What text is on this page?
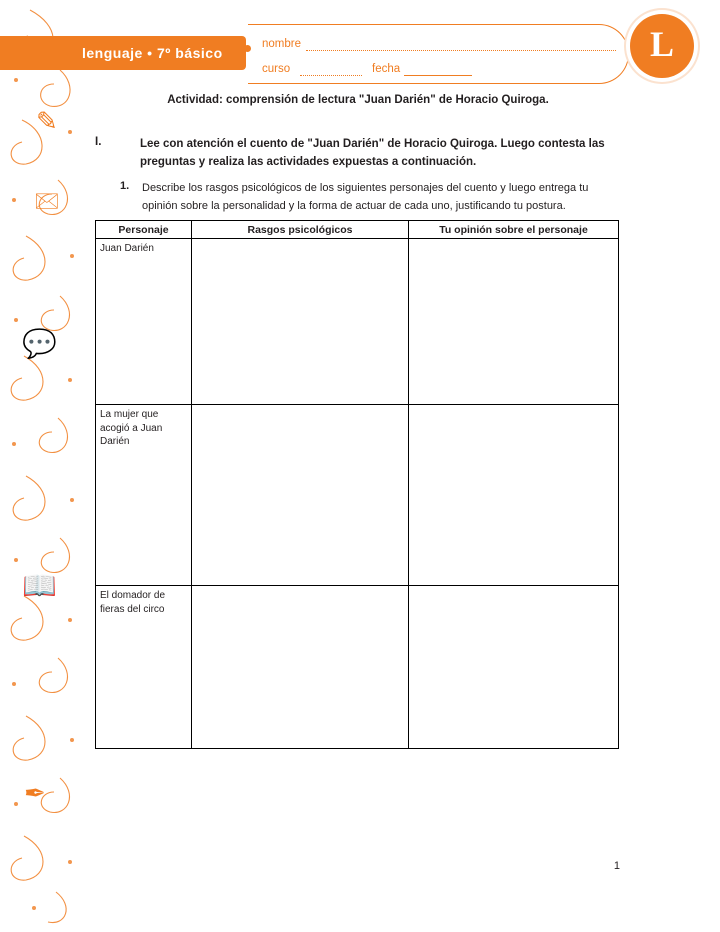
✎
🖂
💬
📖
✒
lenguaje • 7º básico
nombre
curso	fecha
L
Actividad: comprensión de lectura "Juan Darién" de Horacio Quiroga.
I.	Lee con atención el cuento de "Juan Darién" de Horacio Quiroga. Luego contesta las preguntas y realiza las actividades expuestas a continuación.
1. Describe los rasgos psicológicos de los siguientes personajes del cuento y luego entrega tu opinión sobre la personalidad y la forma de actuar de cada uno, justificando tu postura.
Personaje	Rasgos psicológicos	Tu opinión sobre el personaje
Juan Darién		
La mujer que acogió a Juan Darién		
El domador de fieras del circo		
1
